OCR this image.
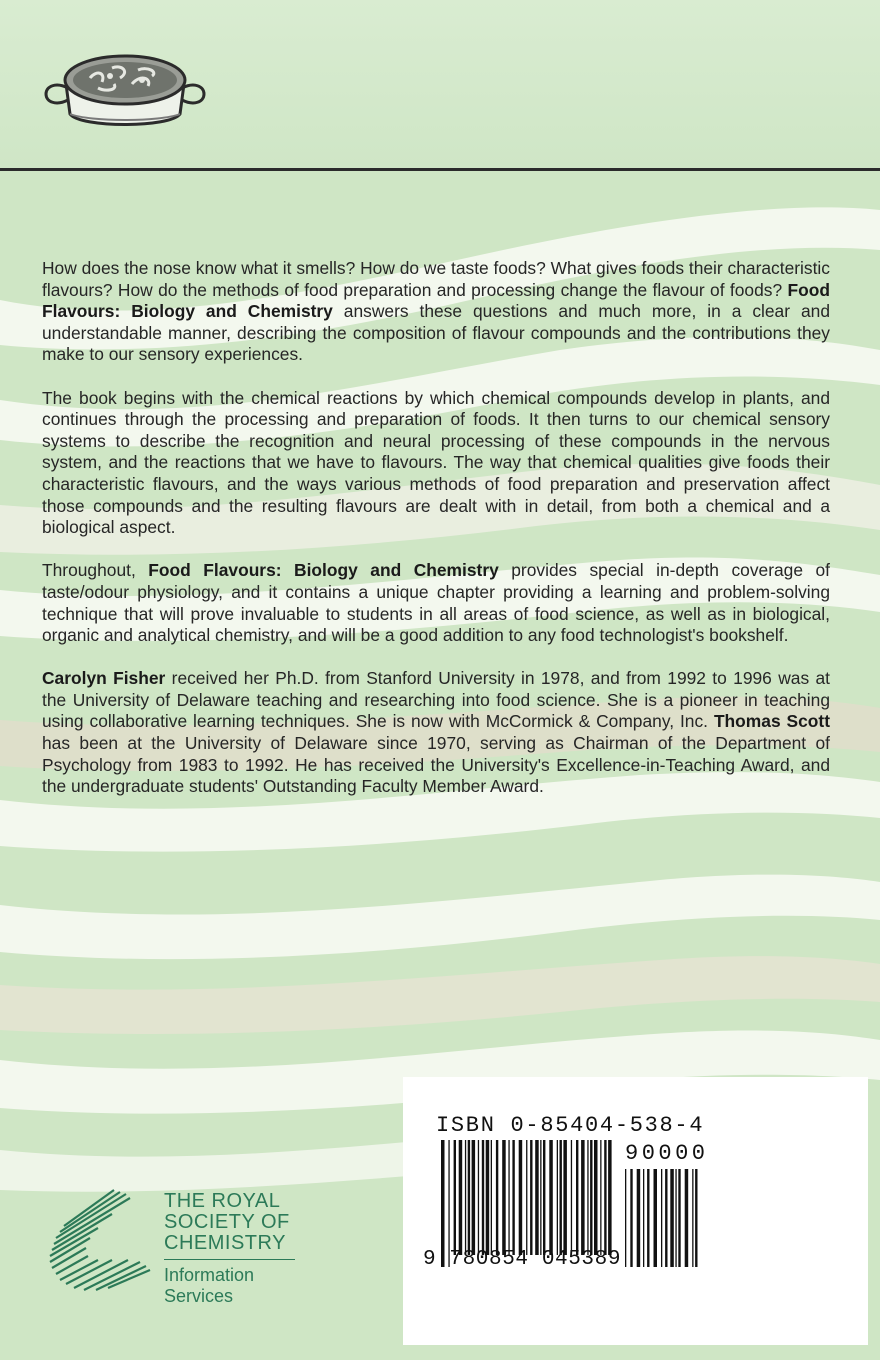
How does the nose know what it smells? How do we taste foods? What gives foods their characteristic flavours? How do the methods of food preparation and processing change the flavour of foods? Food Flavours: Biology and Chemistry answers these questions and much more, in a clear and understandable manner, describing the composition of flavour compounds and the contributions they make to our sensory experiences.

The book begins with the chemical reactions by which chemical compounds develop in plants, and continues through the processing and preparation of foods. It then turns to our chemical sensory systems to describe the recognition and neural processing of these compounds in the nervous system, and the reactions that we have to flavours. The way that chemical qualities give foods their characteristic flavours, and the ways various methods of food preparation and preservation affect those compounds and the resulting flavours are dealt with in detail, from both a chemical and a biological aspect.

Throughout, Food Flavours: Biology and Chemistry provides special in-depth coverage of taste/odour physiology, and it contains a unique chapter providing a learning and problem-solving technique that will prove invaluable to students in all areas of food science, as well as in biological, organic and analytical chemistry, and will be a good addition to any food technologist's bookshelf.

Carolyn Fisher received her Ph.D. from Stanford University in 1978, and from 1992 to 1996 was at the University of Delaware teaching and researching into food science. She is a pioneer in teaching using collaborative learning techniques. She is now with McCormick & Company, Inc. Thomas Scott has been at the University of Delaware since 1970, serving as Chairman of the Department of Psychology from 1983 to 1992. He has received the University's Excellence-in-Teaching Award, and the undergraduate students' Outstanding Faculty Member Award.

THE ROYAL
SOCIETY OF
CHEMISTRY
Information
Services
ISBN 0-85404-538-4
90000
9 780854 045389
